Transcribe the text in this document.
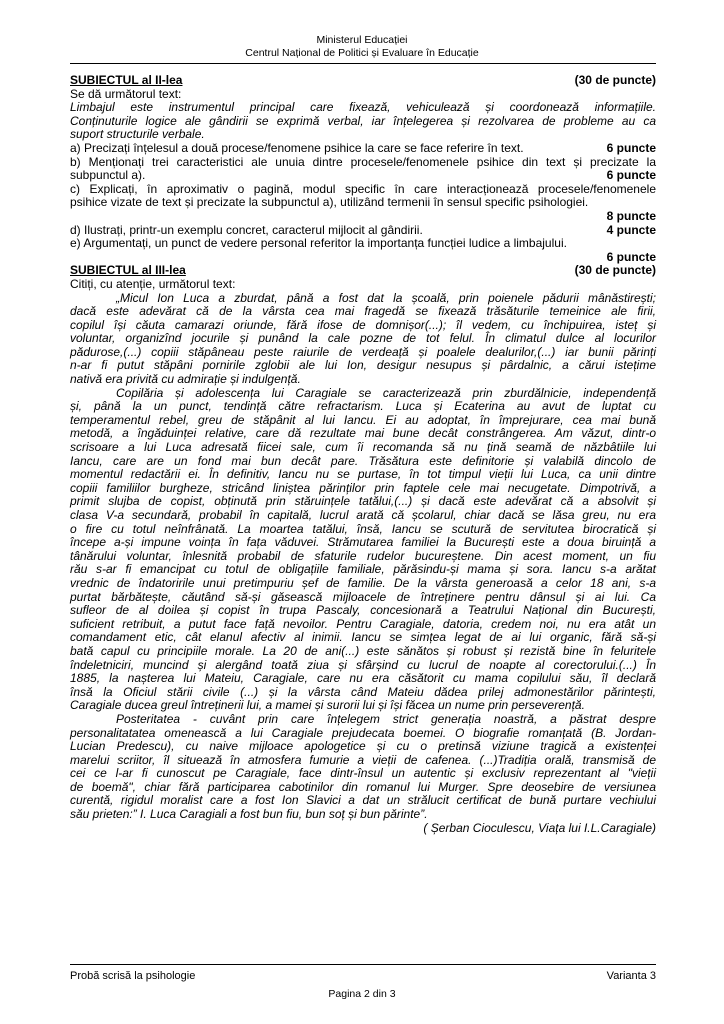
Ministerul Educației
Centrul Național de Politici și Evaluare în Educație
SUBIECTUL al II-lea	(30 de puncte)
Se dă următorul text:
Limbajul este instrumentul principal care fixează, vehiculează și coordonează informațiile.
Conținuturile logice ale gândirii se exprimă verbal, iar înțelegerea și rezolvarea de probleme au ca
suport structurile verbale.
a) Precizați înțelesul a două procese/fenomene psihice la care se face referire în text.	6 puncte
b) Menționați trei caracteristici ale unuia dintre procesele/fenomenele psihice din text și precizate la
subpunctul a).	6 puncte
c) Explicați, în aproximativ o pagină, modul specific în care interacționează procesele/fenomenele
psihice vizate de text și precizate la subpunctul a), utilizând termenii în sensul specific psihologiei.
8 puncte
d) Ilustrați, printr-un exemplu concret, caracterul mijlocit al gândirii.	4 puncte
e) Argumentați, un punct de vedere personal referitor la importanța funcției ludice a limbajului.
6 puncte
SUBIECTUL al III-lea	(30 de puncte)
Citiți, cu atenție, următorul text:
„Micul Ion Luca a zburdat, până a fost dat la școală, prin poienele pădurii mânăstirești;
dacă este adevărat că de la vârsta cea mai fragedă se fixează trăsăturile temeinice ale firii,
copilul își căuta camarazi oriunde, fără ifose de domnișor(...); îl vedem, cu închipuirea, isteț și
voluntar, organizînd jocurile și punând la cale pozne de tot felul. În climatul dulce al locurilor
pădurose,(...) copiii stăpâneau peste raiurile de verdeață și poalele dealurilor,(...) iar bunii părinți
n-ar fi putut stăpâni pornirile zglobii ale lui Ion, desigur nesupus și pârdalnic, a cărui istețime
nativă era privită cu admirație și indulgență.
Copilăria și adolescența lui Caragiale se caracterizează prin zburdălnicie, independență
și, până la un punct, tendință către refractarism. Luca și Ecaterina au avut de luptat cu
temperamentul rebel, greu de stăpânit al lui Iancu. Ei au adoptat, în împrejurare, cea mai bună
metodă, a îngăduinței relative, care dă rezultate mai bune decât constrângerea. Am văzut, dintr-o
scrisoare a lui Luca adresată fiicei sale, cum îi recomanda să nu țină seamă de năzbâtiile lui
Iancu, care are un fond mai bun decât pare. Trăsătura este definitorie și valabilă dincolo de
momentul redactării ei. În definitiv, Iancu nu se purtase, în tot timpul vieții lui Luca, ca unii dintre
copiii familiilor burgheze, stricând liniștea părinților prin faptele cele mai necugetate. Dimpotrivă, a
primit slujba de copist, obținută prin stăruințele tatălui,(...) și dacă este adevărat că a absolvit și
clasa V-a secundară, probabil în capitală, lucrul arată că școlarul, chiar dacă se lăsa greu, nu era
o fire cu totul neînfrânată. La moartea tatălui, însă, Iancu se scutură de servitutea birocratică și
începe a-și impune voința în fața văduvei. Strămutarea familiei la București este a doua biruință a
tânărului voluntar, înlesnită probabil de sfaturile rudelor bucureștene. Din acest moment, un fiu
rău s-ar fi emancipat cu totul de obligațiile familiale, părăsindu-și mama și sora. Iancu s-a arătat
vrednic de îndatoririle unui pretimpuriu șef de familie. De la vârsta generoasă a celor 18 ani, s-a
purtat bărbătește, căutând să-și găsească mijloacele de întreținere pentru dânsul și ai lui. Ca
sufleor de al doilea și copist în trupa Pascaly, concesionară a Teatrului Național din București,
suficient retribuit, a putut face față nevoilor. Pentru Caragiale, datoria, credem noi, nu era atât un
comandament etic, cât elanul afectiv al inimii. Iancu se simțea legat de ai lui organic, fără să-și
bată capul cu principiile morale. La 20 de ani(...) este sănătos și robust și rezistă bine în feluritele
îndeletniciri, muncind și alergând toată ziua și sfârșind cu lucrul de noapte al corectorului.(...) În
1885, la nașterea lui Mateiu, Caragiale, care nu era căsătorit cu mama copilului său, îl declară
însă la Oficiul stării civile (...) și la vârsta când Mateiu dădea prilej admonestărilor părintești,
Caragiale ducea greul întreținerii lui, a mamei și surorii lui și își făcea un nume prin perseverență.
Posteritatea - cuvânt prin care înțelegem strict generația noastră, a păstrat despre
personalitatatea omenească a lui Caragiale prejudecata boemei. O biografie romanțată (B. Jordan-
Lucian Predescu), cu naive mijloace apologetice și cu o pretinsă viziune tragică a existenței
marelui scriitor, îl situează în atmosfera fumurie a vieții de cafenea. (...)Tradiția orală, transmisă de
cei ce l-ar fi cunoscut pe Caragiale, face dintr-însul un autentic și exclusiv reprezentant al "vieții
de boemă", chiar fără participarea cabotinilor din romanul lui Murger. Spre deosebire de versiunea
curentă, rigidul moralist care a fost Ion Slavici a dat un strălucit certificat de bună purtare vechiului
său prieten:” I. Luca Caragiali a fost bun fiu, bun soț și bun părinte”.
( Șerban Cioculescu, Viața lui I.L.Caragiale)
Probă scrisă la psihologie	Varianta 3
Pagina 2 din 3
